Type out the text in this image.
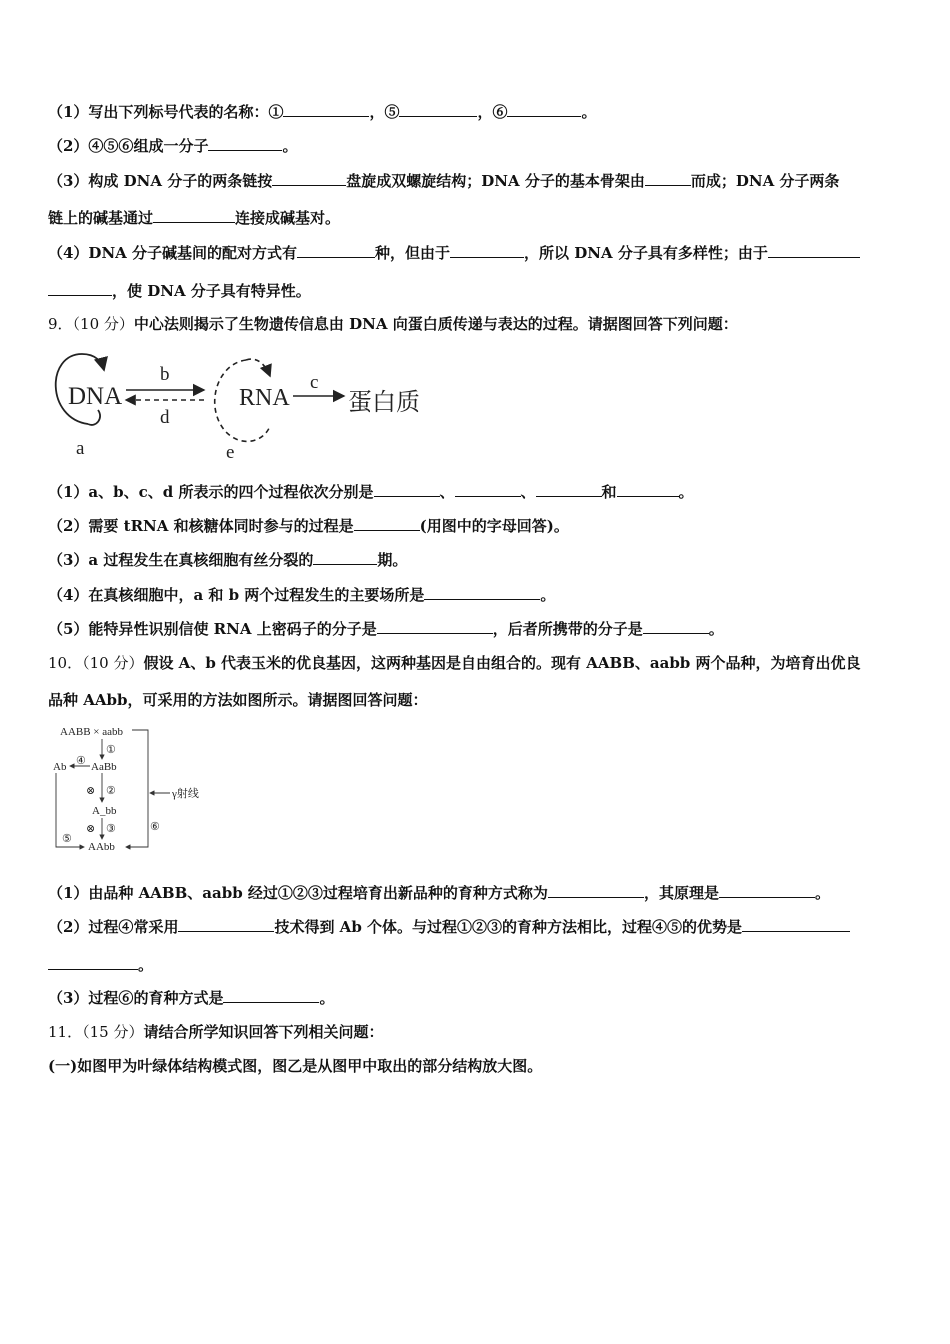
（1）写出下列标号代表的名称：①	，⑤	，⑥	。
（2）④⑤⑥组成一分子	。
（3）构成 DNA 分子的两条链按	盘旋成双螺旋结构；DNA 分子的基本骨架由	而成；DNA 分子两条
链上的碱基通过	连接成碱基对。
（4）DNA 分子碱基间的配对方式有	种，但由于	，所以 DNA 分子具有多样性；由于
，使 DNA 分子具有特异性。
9．（10 分）中心法则揭示了生物遗传信息由 DNA 向蛋白质传递与表达的过程。请据图回答下列问题：
DNA
a
b
d
RNA
e
c
蛋白质
（1）a、b、c、d 所表示的四个过程依次分别是	、	、	和	。
（2）需要 tRNA 和核糖体同时参与的过程是	(用图中的字母回答)。
（3）a 过程发生在真核细胞有丝分裂的	期。
（4）在真核细胞中，a 和 b 两个过程发生的主要场所是	。
（5）能特异性识别信使 RNA 上密码子的分子是	，后者所携带的分子是	。
10．（10 分）假设 A、b 代表玉米的优良基因，这两种基因是自由组合的。现有 AABB、aabb 两个品种，为培育出优良
品种 AAbb，可采用的方法如图所示。请据图回答问题：
AABB × aabb
①
AaBb
Ab ④
⊗ ②
A_bb
⊗ ③
⑤
⑥
AAbb
γ射线
（1）由品种 AABB、aabb 经过①②③过程培育出新品种的育种方式称为	，其原理是	。
（2）过程④常采用	技术得到 Ab 个体。与过程①②③的育种方法相比，过程④⑤的优势是
。
（3）过程⑥的育种方式是	。
11．（15 分）请结合所学知识回答下列相关问题：
(一)如图甲为叶绿体结构模式图，图乙是从图甲中取出的部分结构放大图。
